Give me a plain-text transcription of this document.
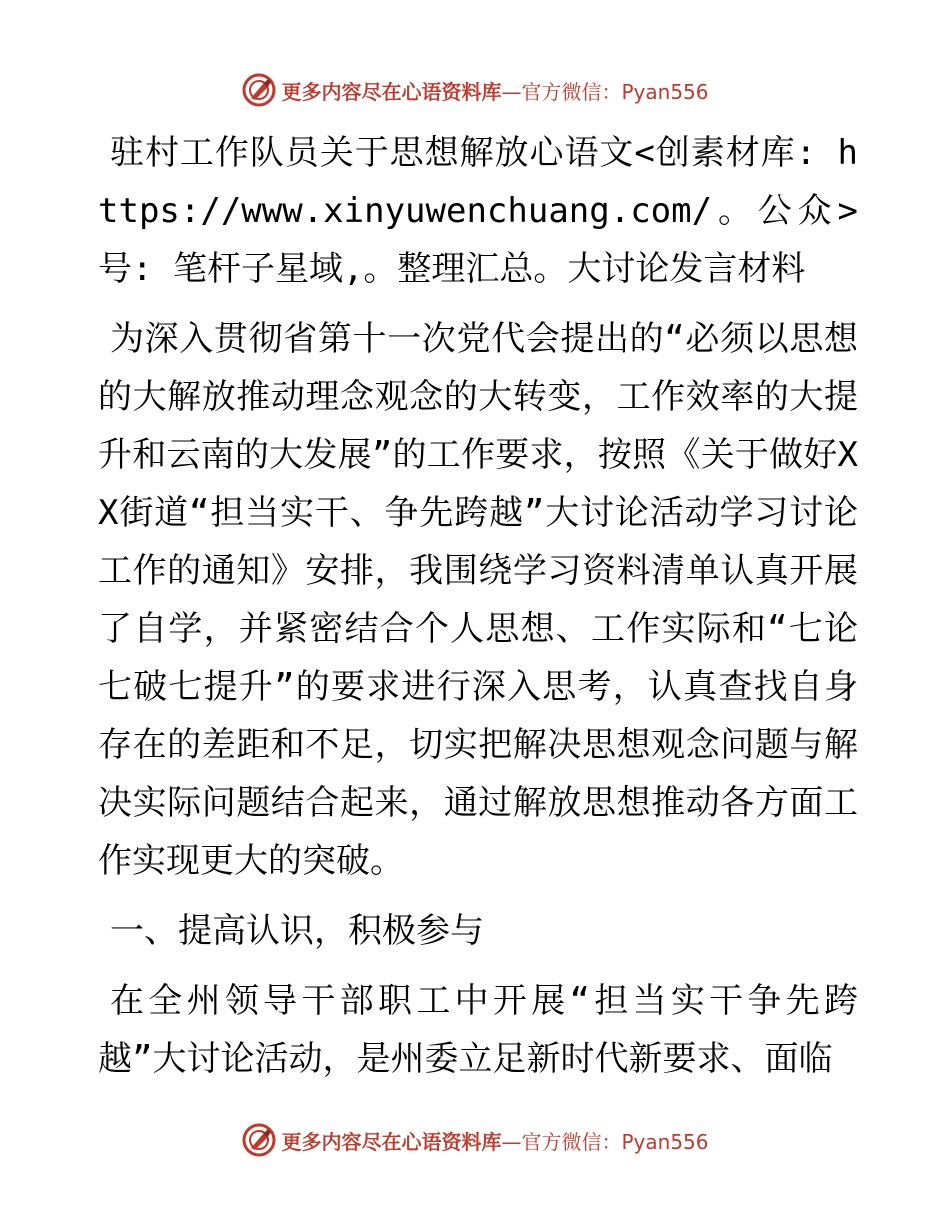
更多内容尽在心语资料库—官方微信：Pyan556

驻村工作队员关于思想解放心语文<创素材库: https://www.xinyuwenchuang.com/。公众>号: 笔杆子星域,。整理汇总。大讨论发言材料

为深入贯彻省第十一次党代会提出的“必须以思想的大解放推动理念观念的大转变，工作效率的大提升和云南的大发展”的工作要求，按照《关于做好XX街道“担当实干、争先跨越”大讨论活动学习讨论工作的通知》安排，我围绕学习资料清单认真开展了自学，并紧密结合个人思想、工作实际和“七论七破七提升”的要求进行深入思考，认真查找自身存在的差距和不足，切实把解决思想观念问题与解决实际问题结合起来，通过解放思想推动各方面工作实现更大的突破。

一、提高认识，积极参与

在全州领导干部职工中开展“担当实干争先跨越”大讨论活动，是州委立足新时代新要求、面临

更多内容尽在心语资料库—官方微信：Pyan556
